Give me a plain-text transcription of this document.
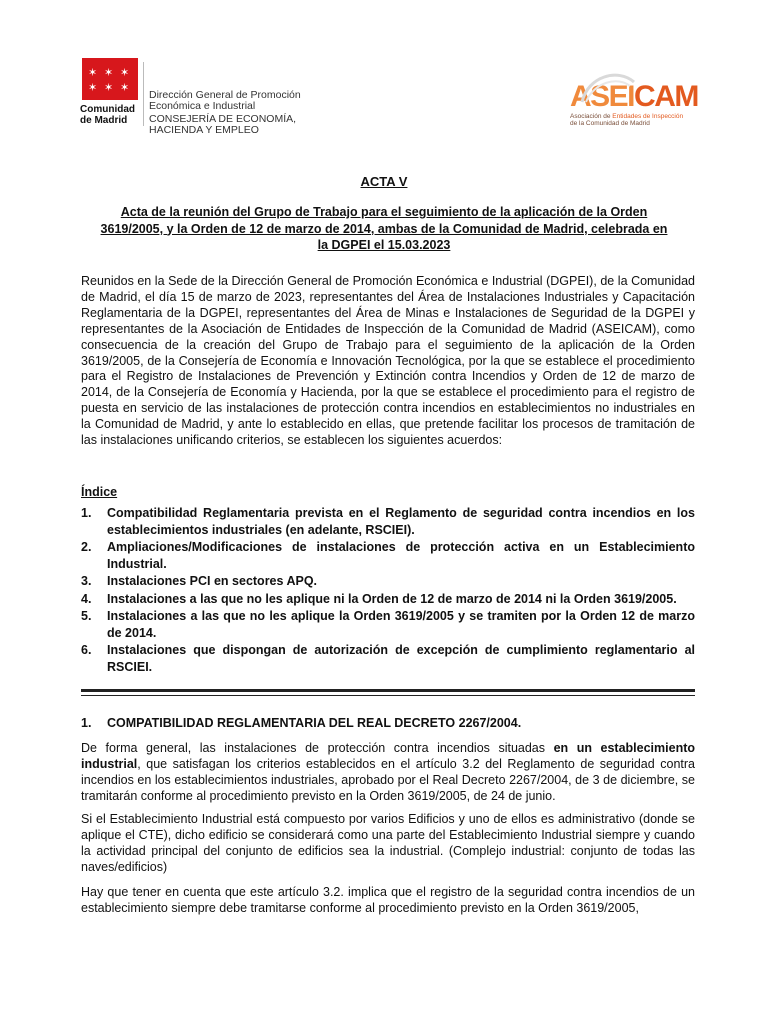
✶ ✶ ✶
✶ ✶ ✶
Comunidad
de Madrid
Dirección General de Promoción
Económica e Industrial
CONSEJERÍA DE ECONOMÍA,
HACIENDA Y EMPLEO
ASEICAM
Asociación de Entidades de Inspección
de la Comunidad de Madrid
ACTA V
Acta de la reunión del Grupo de Trabajo para el seguimiento de la aplicación de la Orden 3619/2005, y la Orden de 12 de marzo de 2014, ambas de la Comunidad de Madrid, celebrada en la DGPEI el 15.03.2023
Reunidos en la Sede de la Dirección General de Promoción Económica e Industrial (DGPEI), de la Comunidad de Madrid, el día 15 de marzo de 2023, representantes del Área de Instalaciones Industriales y Capacitación Reglamentaria de la DGPEI, representantes del Área de Minas e Instalaciones de Seguridad de la DGPEI y representantes de la Asociación de Entidades de Inspección de la Comunidad de Madrid (ASEICAM), como consecuencia de la creación del Grupo de Trabajo para el seguimiento de la aplicación de la Orden 3619/2005, de la Consejería de Economía e Innovación Tecnológica, por la que se establece el procedimiento para el Registro de Instalaciones de Prevención y Extinción contra Incendios y Orden de 12 de marzo de 2014, de la Consejería de Economía y Hacienda, por la que se establece el procedimiento para el registro de puesta en servicio de las instalaciones de protección contra incendios en establecimientos no industriales en la Comunidad de Madrid, y ante lo establecido en ellas, que pretende facilitar los procesos de tramitación de las instalaciones unificando criterios, se establecen los siguientes acuerdos:
Índice
1.	Compatibilidad Reglamentaria prevista en el Reglamento de seguridad contra incendios en los establecimientos industriales (en adelante, RSCIEI).
2.	Ampliaciones/Modificaciones de instalaciones de protección activa en un Establecimiento Industrial.
3.	Instalaciones PCI en sectores APQ.
4.	Instalaciones a las que no les aplique ni la Orden de 12 de marzo de 2014 ni la Orden 3619/2005.
5.	Instalaciones a las que no les aplique la Orden 3619/2005 y se tramiten por la Orden 12 de marzo de 2014.
6.	Instalaciones que dispongan de autorización de excepción de cumplimiento reglamentario al RSCIEI.
1. COMPATIBILIDAD REGLAMENTARIA DEL REAL DECRETO 2267/2004.
De forma general, las instalaciones de protección contra incendios situadas en un establecimiento industrial, que satisfagan los criterios establecidos en el artículo 3.2 del Reglamento de seguridad contra incendios en los establecimientos industriales, aprobado por el Real Decreto 2267/2004, de 3 de diciembre, se tramitarán conforme al procedimiento previsto en la Orden 3619/2005, de 24 de junio.
Si el Establecimiento Industrial está compuesto por varios Edificios y uno de ellos es administrativo (donde se aplique el CTE), dicho edificio se considerará como una parte del Establecimiento Industrial siempre y cuando la actividad principal del conjunto de edificios sea la industrial. (Complejo industrial: conjunto de todas las naves/edificios)
Hay que tener en cuenta que este artículo 3.2. implica que el registro de la seguridad contra incendios de un establecimiento siempre debe tramitarse conforme al procedimiento previsto en la Orden 3619/2005,
